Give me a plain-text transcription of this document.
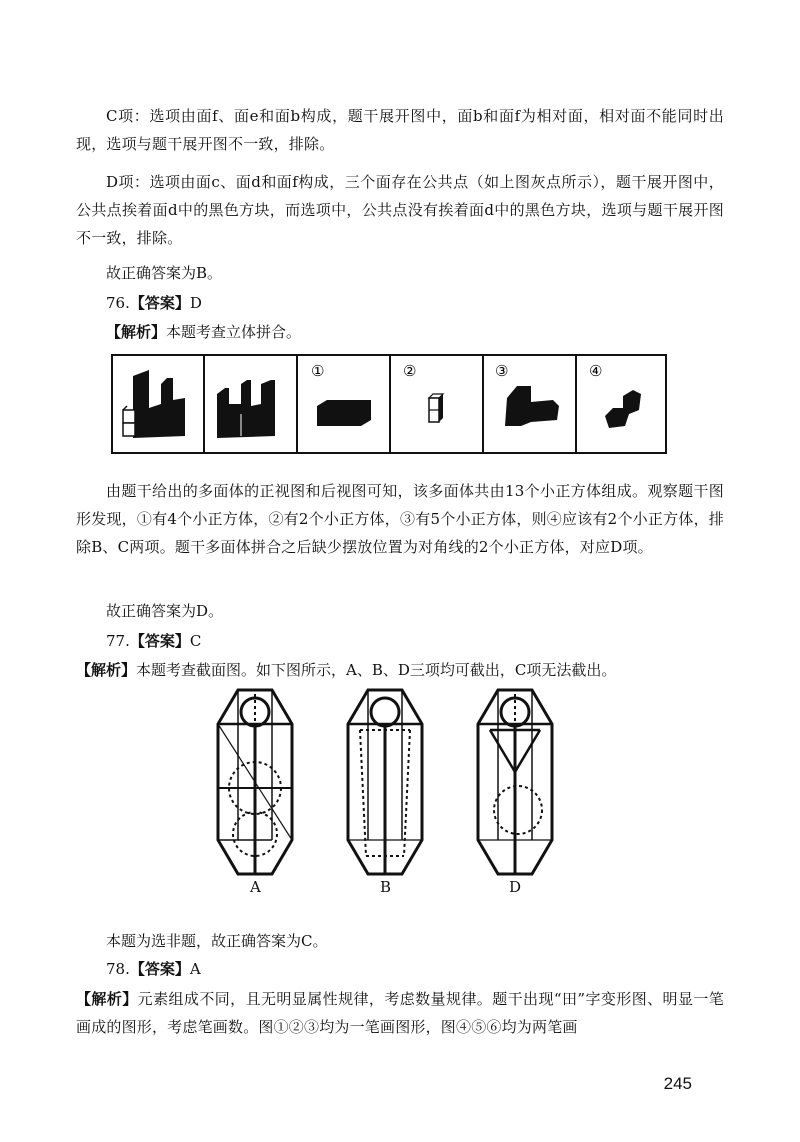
C项：选项由面f、面e和面b构成，题干展开图中，面b和面f为相对面，相对面不能同时出现，选项与题干展开图不一致，排除。

D项：选项由面c、面d和面f构成，三个面存在公共点（如上图灰点所示），题干展开图中，公共点挨着面d中的黑色方块，而选项中，公共点没有挨着面d中的黑色方块，选项与题干展开图不一致，排除。

故正确答案为B。

76.【答案】D

【解析】本题考查立体拼合。

①	②	③	④

由题干给出的多面体的正视图和后视图可知，该多面体共由13个小正方体组成。观察题干图形发现，①有4个小正方体，②有2个小正方体，③有5个小正方体，则④应该有2个小正方体，排除B、C两项。题干多面体拼合之后缺少摆放位置为对角线的2个小正方体，对应D项。

故正确答案为D。

77.【答案】C

【解析】本题考查截面图。如下图所示，A、B、D三项均可截出，C项无法截出。

A	B	D

本题为选非题，故正确答案为C。

78.【答案】A

【解析】元素组成不同，且无明显属性规律，考虑数量规律。题干出现“田”字变形图、明显一笔画成的图形，考虑笔画数。图①②③均为一笔画图形，图④⑤⑥均为两笔画

245
